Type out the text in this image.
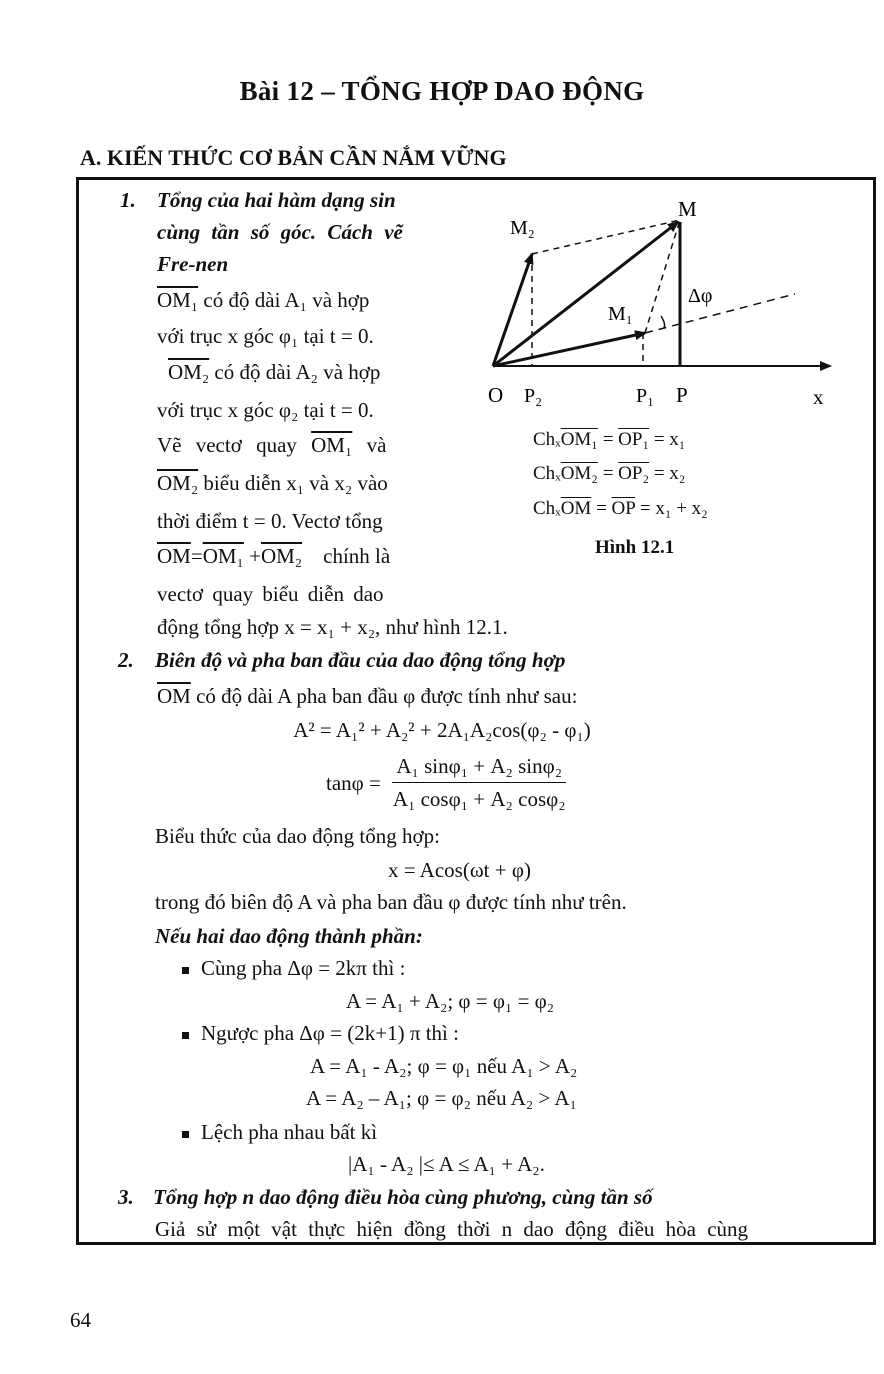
Bài 12 – TỔNG HỢP DAO ĐỘNG
A. KIẾN THỨC CƠ BẢN CẦN NẮM VỮNG
1. Tổng của hai hàm dạng sin
cùng tần số góc. Cách vẽ
Fre-nen
OM₁ có độ dài A₁ và hợp
với trục x góc φ₁ tại t = 0.
OM₂ có độ dài A₂ và hợp
với trục x góc φ₂ tại t = 0.
Vẽ vectơ quay OM₁ và
OM₂ biểu diễn x₁ và x₂ vào
thời điểm t = 0. Vectơ tổng
$\overline{OM}=OM_1 +OM_2$ chính là
vectơ quay biểu diễn dao
động tổng hợp x = x₁ + x₂, như hình 12.1.
M
M₂
M₁
Δφ
O P₂	P₁ P	x
ChₓOM₁ = OP₁ = x₁
ChₓOM₂ = OP₂ = x₂
$Ch_x\overline{OM} = \overline{OP} = x_1 + x_2$
Hình 12.1
2. Biên độ và pha ban đầu của dao động tổng hợp
$\overline{OM}$ có độ dài A pha ban đầu φ được tính như sau:
A² = A₁² + A₂² + 2A₁A₂cos(φ₂ - φ₁)
$\tan\varphi = \frac{\text{A₁ sinφ₁ + A₂ sinφ₂}}{\text{A₁ cosφ₁ + A₂ cosφ₂}}$
Biểu thức của dao động tổng hợp:
x = Acos(ωt + φ)
trong đó biên độ A và pha ban đầu φ được tính như trên.
Nếu hai dao động thành phần:
Cùng pha Δφ = 2kπ thì :
A = A₁ + A₂; φ = φ₁ = φ₂
Ngược pha Δφ = (2k+1) π thì :
A = A₁ - A₂; φ = φ₁ nếu A₁ > A₂
A = A₂ – A₁; φ = φ₂ nếu A₂ > A₁
Lệch pha nhau bất kì
|A₁ - A₂ |≤ A ≤ A₁ + A₂.
3. Tổng hợp n dao động điều hòa cùng phương, cùng tần số
Giả sử một vật thực hiện đồng thời n dao động điều hòa cùng
64
